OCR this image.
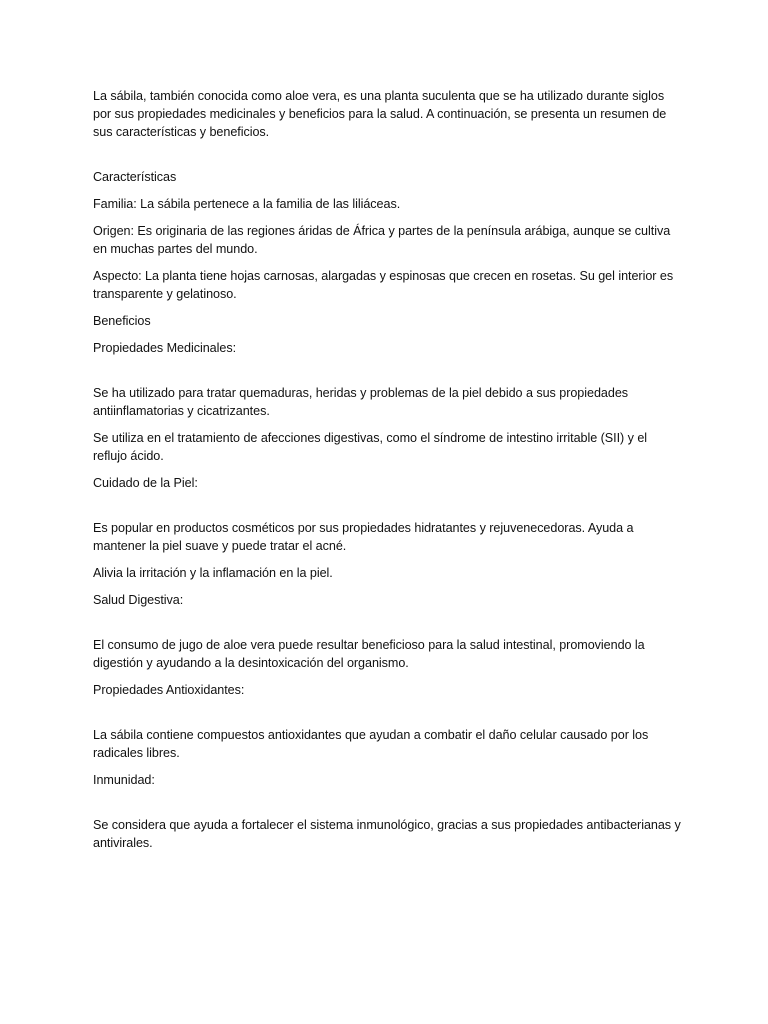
La sábila, también conocida como aloe vera, es una planta suculenta que se ha utilizado durante siglos por sus propiedades medicinales y beneficios para la salud. A continuación, se presenta un resumen de sus características y beneficios.

Características

Familia: La sábila pertenece a la familia de las liliáceas.

Origen: Es originaria de las regiones áridas de África y partes de la península arábiga, aunque se cultiva en muchas partes del mundo.

Aspecto: La planta tiene hojas carnosas, alargadas y espinosas que crecen en rosetas. Su gel interior es transparente y gelatinoso.

Beneficios

Propiedades Medicinales:

Se ha utilizado para tratar quemaduras, heridas y problemas de la piel debido a sus propiedades antiinflamatorias y cicatrizantes.

Se utiliza en el tratamiento de afecciones digestivas, como el síndrome de intestino irritable (SII) y el reflujo ácido.

Cuidado de la Piel:

Es popular en productos cosméticos por sus propiedades hidratantes y rejuvenecedoras. Ayuda a mantener la piel suave y puede tratar el acné.

Alivia la irritación y la inflamación en la piel.

Salud Digestiva:

El consumo de jugo de aloe vera puede resultar beneficioso para la salud intestinal, promoviendo la digestión y ayudando a la desintoxicación del organismo.

Propiedades Antioxidantes:

La sábila contiene compuestos antioxidantes que ayudan a combatir el daño celular causado por los radicales libres.

Inmunidad:

Se considera que ayuda a fortalecer el sistema inmunológico, gracias a sus propiedades antibacterianas y antivirales.
